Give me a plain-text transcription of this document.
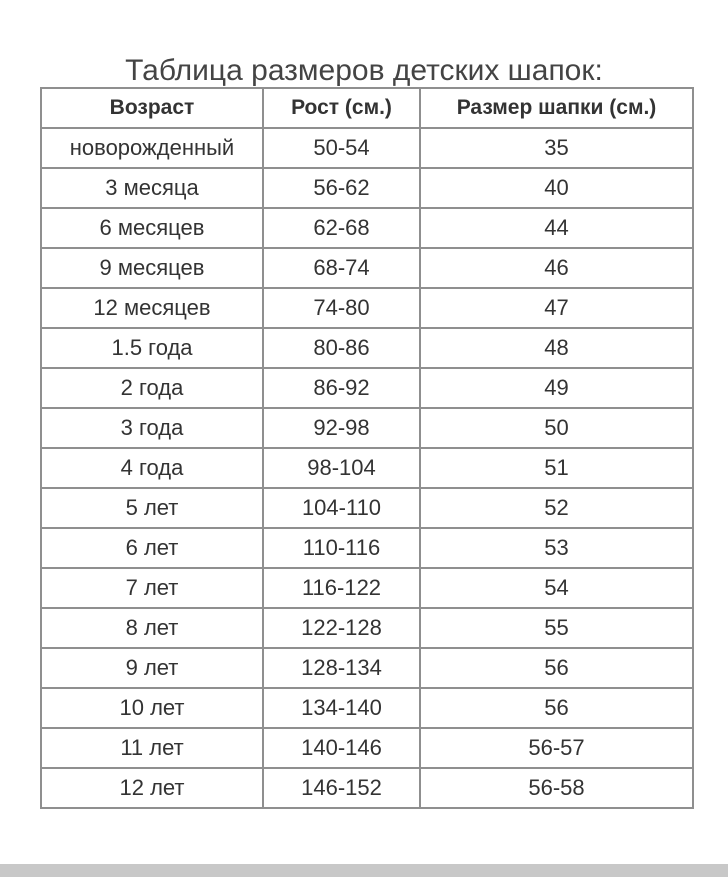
Таблица размеров детских шапок:
Возраст	Рост (см.)	Размер шапки (см.)
новорожденный	50-54	35
3 месяца	56-62	40
6 месяцев	62-68	44
9 месяцев	68-74	46
12 месяцев	74-80	47
1.5 года	80-86	48
2 года	86-92	49
3 года	92-98	50
4 года	98-104	51
5 лет	104-110	52
6 лет	110-116	53
7 лет	116-122	54
8 лет	122-128	55
9 лет	128-134	56
10 лет	134-140	56
11 лет	140-146	56-57
12 лет	146-152	56-58
